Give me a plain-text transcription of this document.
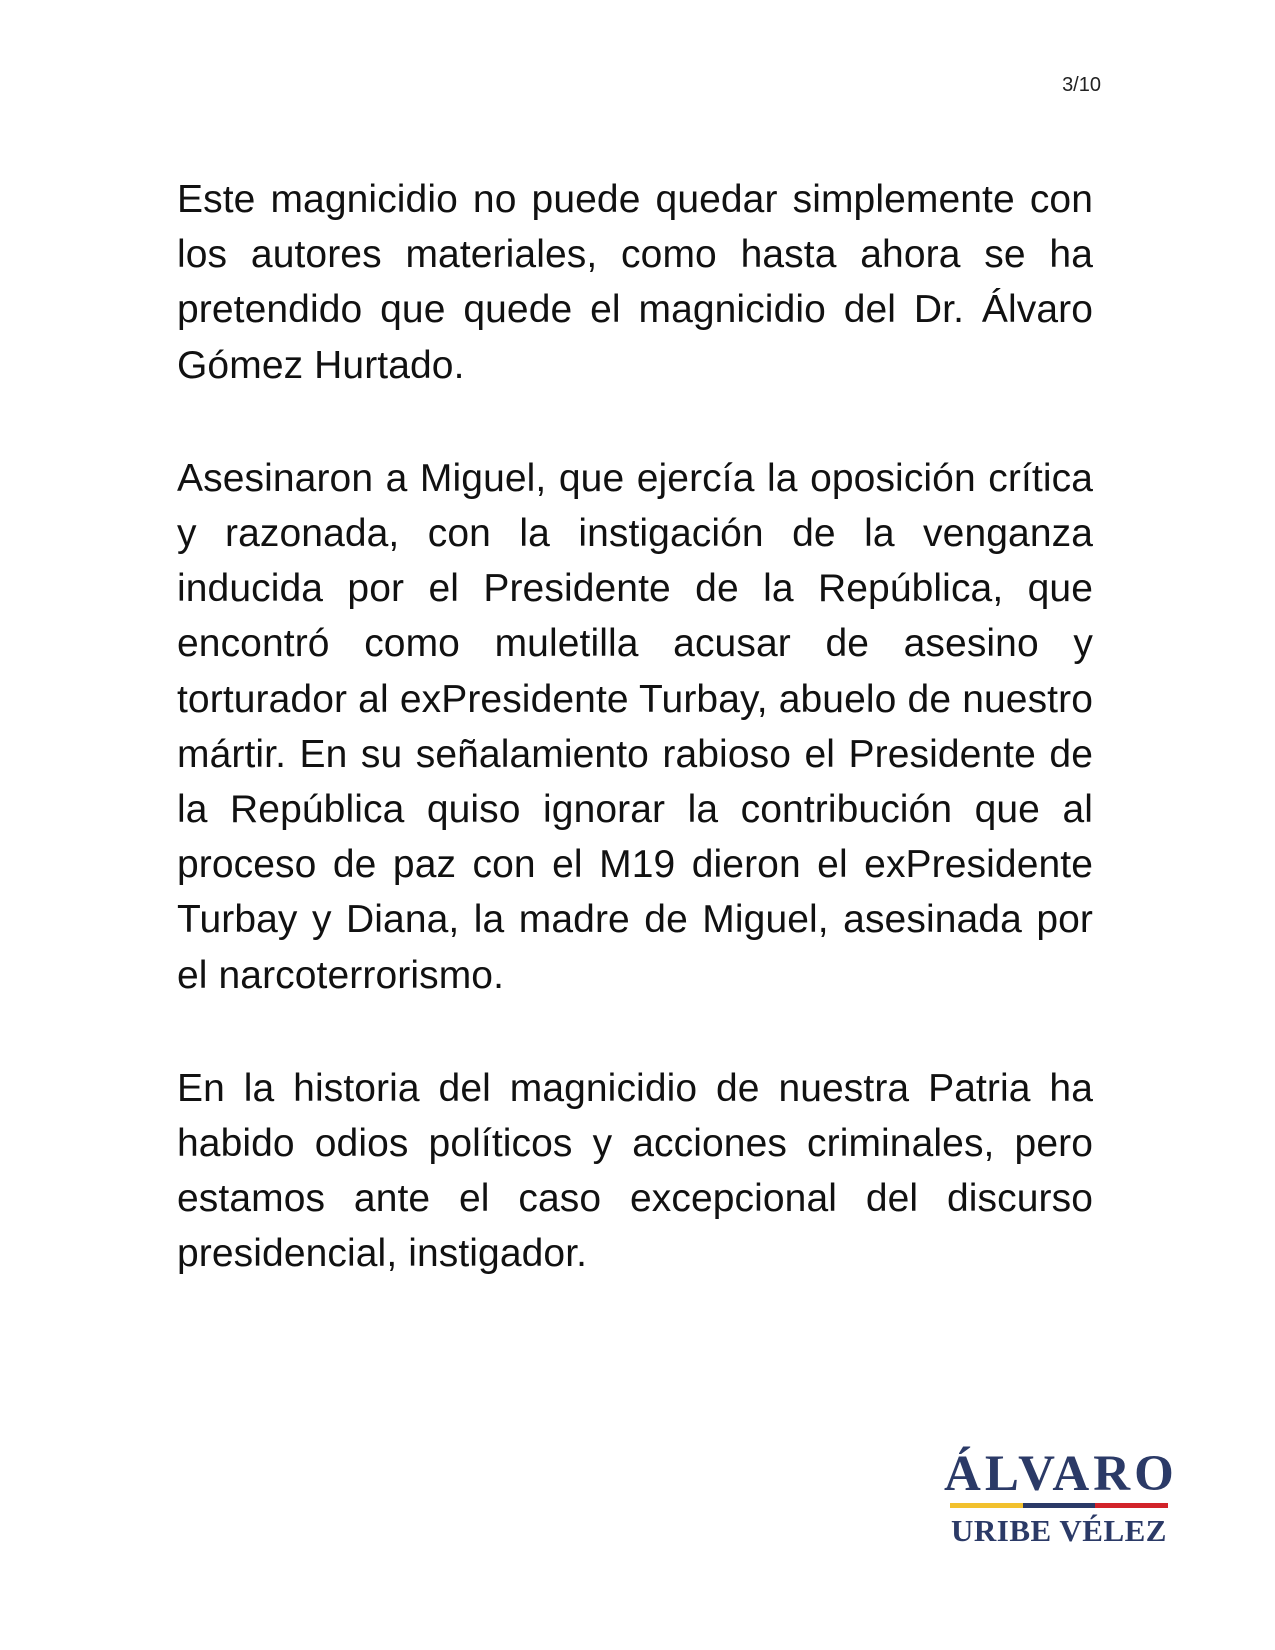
3/10

Este magnicidio no puede quedar simplemente con los autores materiales, como hasta ahora se ha pretendido que quede el magnicidio del Dr. Álvaro Gómez Hurtado.

Asesinaron a Miguel, que ejercía la oposición crítica y razonada, con la instigación de la venganza inducida por el Presidente de la República, que encontró como muletilla acusar de asesino y torturador al exPresidente Turbay, abuelo de nuestro mártir. En su señalamiento rabioso el Presidente de la República quiso ignorar la contribución que al proceso de paz con el M19 dieron el exPresidente Turbay y Diana, la madre de Miguel, asesinada por el narcoterrorismo.

En la historia del magnicidio de nuestra Patria ha habido odios políticos y acciones criminales, pero estamos ante el caso excepcional del discurso presidencial, instigador.

ÁLVARO
URIBE VÉLEZ
